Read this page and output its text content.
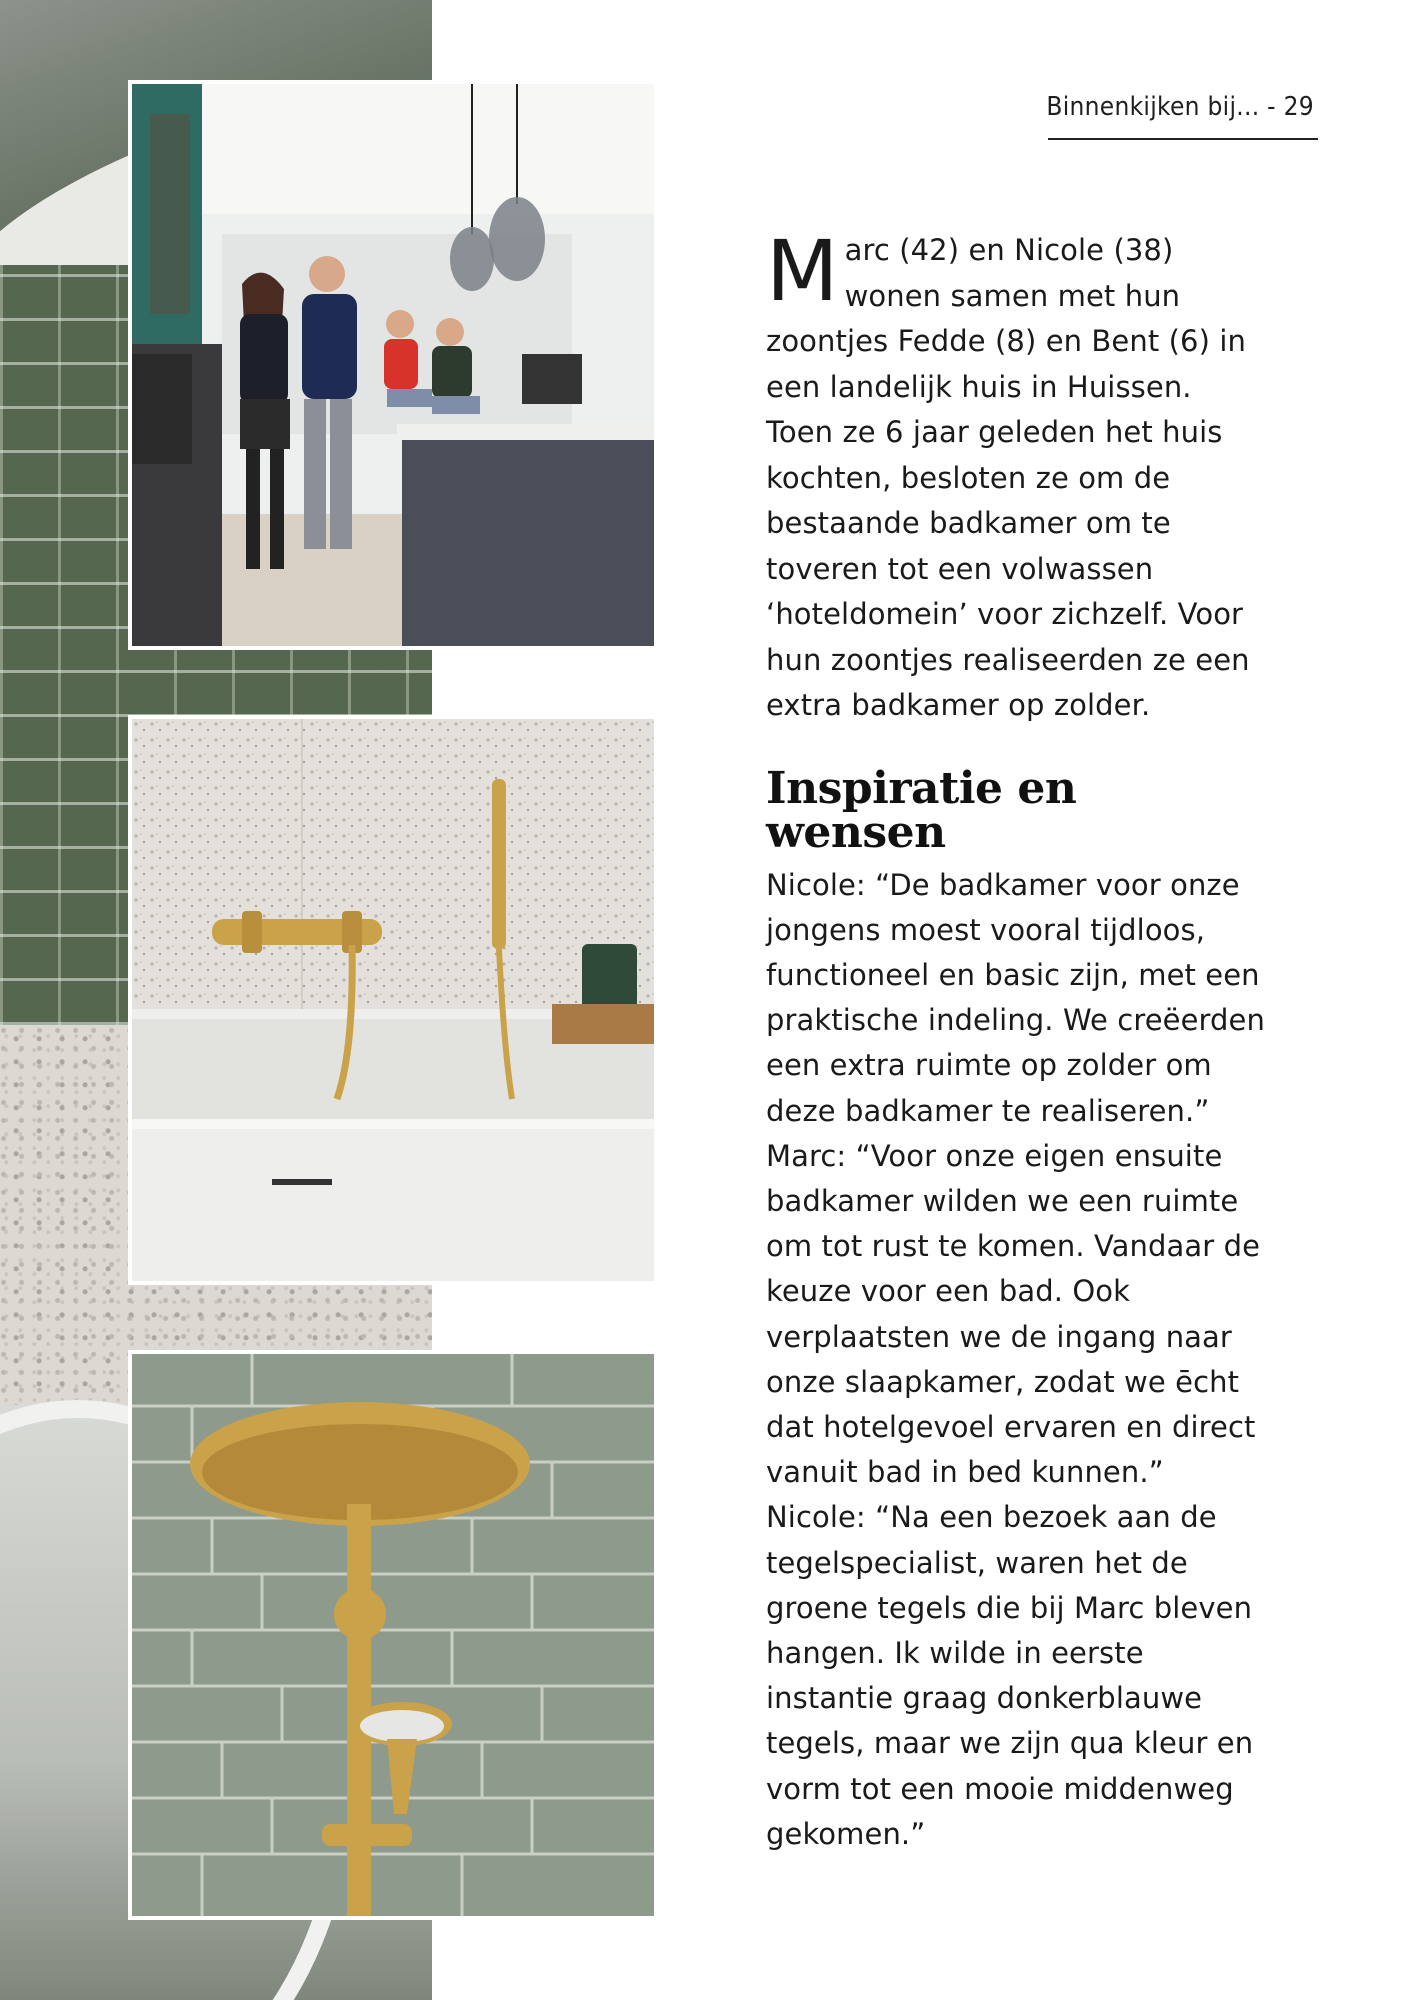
Binnenkijken bij... - 29

Marc (42) en Nicole (38) wonen samen met hun zoontjes Fedde (8) en Bent (6) in een landelijk huis in Huissen. Toen ze 6 jaar geleden het huis kochten, besloten ze om de bestaande badkamer om te toveren tot een volwassen ‘hoteldomein’ voor zichzelf. Voor hun zoontjes realiseerden ze een extra badkamer op zolder.

Inspiratie en wensen

Nicole: “De badkamer voor onze jongens moest vooral tijdloos, functioneel en basic zijn, met een praktische indeling. We creëerden een extra ruimte op zolder om deze badkamer te realiseren.” Marc: “Voor onze eigen ensuite badkamer wilden we een ruimte om tot rust te komen. Vandaar de keuze voor een bad. Ook verplaatsten we de ingang naar onze slaapkamer, zodat we ēcht dat hotelgevoel ervaren en direct vanuit bad in bed kunnen.” Nicole: “Na een bezoek aan de tegelspecialist, waren het de groene tegels die bij Marc bleven hangen. Ik wilde in eerste instantie graag donkerblauwe tegels, maar we zijn qua kleur en vorm tot een mooie middenweg gekomen.”
